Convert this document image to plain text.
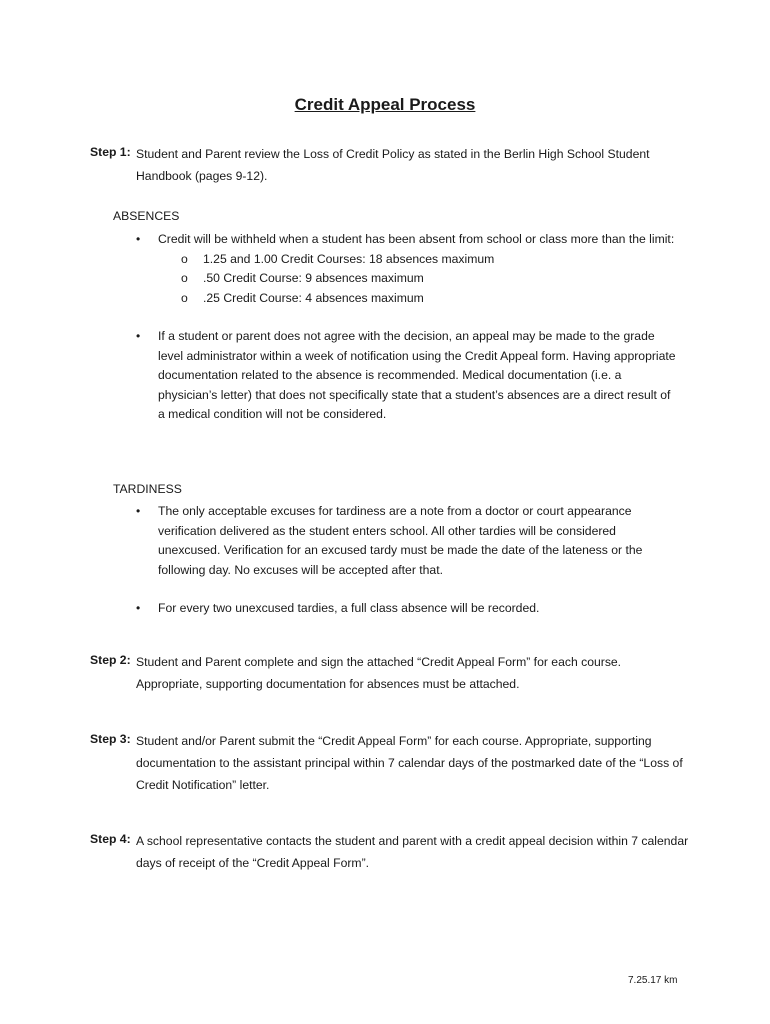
Credit Appeal Process
Step 1: Student and Parent review the Loss of Credit Policy as stated in the Berlin High School Student Handbook (pages 9-12).
ABSENCES
• Credit will be withheld when a student has been absent from school or class more than the limit:
o 1.25 and 1.00 Credit Courses: 18 absences maximum
o .50 Credit Course: 9 absences maximum
o .25 Credit Course: 4 absences maximum
• If a student or parent does not agree with the decision, an appeal may be made to the grade level administrator within a week of notification using the Credit Appeal form. Having appropriate documentation related to the absence is recommended. Medical documentation (i.e. a physician’s letter) that does not specifically state that a student’s absences are a direct result of a medical condition will not be considered.
TARDINESS
• The only acceptable excuses for tardiness are a note from a doctor or court appearance verification delivered as the student enters school. All other tardies will be considered unexcused. Verification for an excused tardy must be made the date of the lateness or the following day. No excuses will be accepted after that.
• For every two unexcused tardies, a full class absence will be recorded.
Step 2: Student and Parent complete and sign the attached “Credit Appeal Form” for each course. Appropriate, supporting documentation for absences must be attached.
Step 3: Student and/or Parent submit the “Credit Appeal Form” for each course. Appropriate, supporting documentation to the assistant principal within 7 calendar days of the postmarked date of the “Loss of Credit Notification” letter.
Step 4: A school representative contacts the student and parent with a credit appeal decision within 7 calendar days of receipt of the “Credit Appeal Form”.
7.25.17 km
